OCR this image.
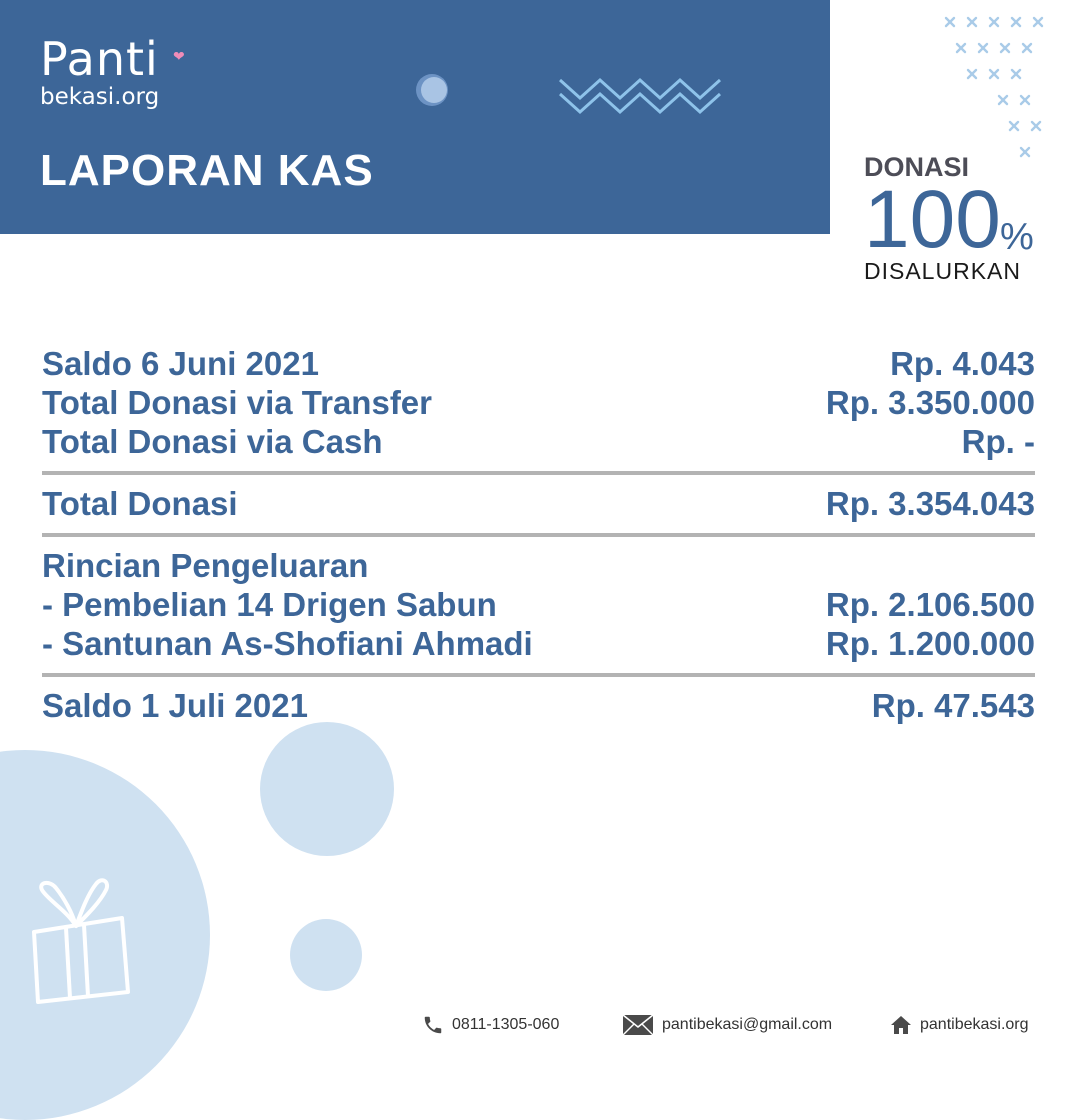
Panti ❤
bekasi.org
LAPORAN KAS	DONASI
100 %
DISALURKAN
Saldo 6 Juni 2021	Rp. 4.043
Total Donasi via Transfer	Rp. 3.350.000
Total Donasi via Cash	Rp. -
Total Donasi	Rp. 3.354.043
Rincian Pengeluaran
- Pembelian 14 Drigen Sabun	Rp. 2.106.500
- Santunan As-Shofiani Ahmadi	Rp. 1.200.000
Saldo 1 Juli 2021	Rp. 47.543
0811-1305-060	pantibekasi@gmail.com	pantibekasi.org
